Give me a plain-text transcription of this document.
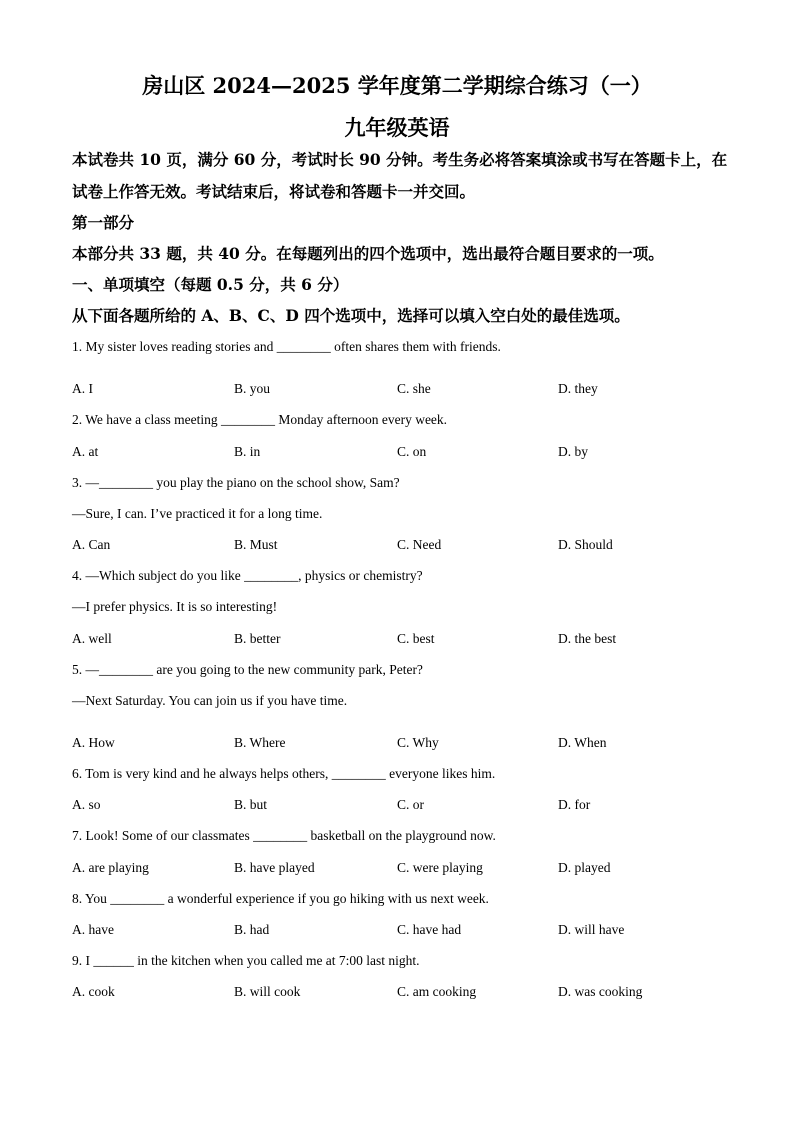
房山区 2024—2025 学年度第二学期综合练习（一）
九年级英语
本试卷共 10 页，满分 60 分，考试时长 90 分钟。考生务必将答案填涂或书写在答题卡上，在
试卷上作答无效。考试结束后，将试卷和答题卡一并交回。
第一部分
本部分共 33 题，共 40 分。在每题列出的四个选项中，选出最符合题目要求的一项。
一、单项填空（每题 0.5 分，共 6 分）
从下面各题所给的 A、B、C、D 四个选项中，选择可以填入空白处的最佳选项。
1. My sister loves reading stories and ________ often shares them with friends.
A. I	B. you	C. she	D. they
2. We have a class meeting ________ Monday afternoon every week.
A. at	B. in	C. on	D. by
3. —________ you play the piano on the school show, Sam?
—Sure, I can. I’ve practiced it for a long time.
A. Can	B. Must	C. Need	D. Should
4. —Which subject do you like ________, physics or chemistry?
—I prefer physics. It is so interesting!
A. well	B. better	C. best	D. the best
5. —________ are you going to the new community park, Peter?
—Next Saturday. You can join us if you have time.
A. How	B. Where	C. Why	D. When
6. Tom is very kind and he always helps others, ________ everyone likes him.
A. so	B. but	C. or	D. for
7. Look! Some of our classmates ________ basketball on the playground now.
A. are playing	B. have played	C. were playing	D. played
8. You ________ a wonderful experience if you go hiking with us next week.
A. have	B. had	C. have had	D. will have
9. I ______ in the kitchen when you called me at 7:00 last night.
A. cook	B. will cook	C. am cooking	D. was cooking
